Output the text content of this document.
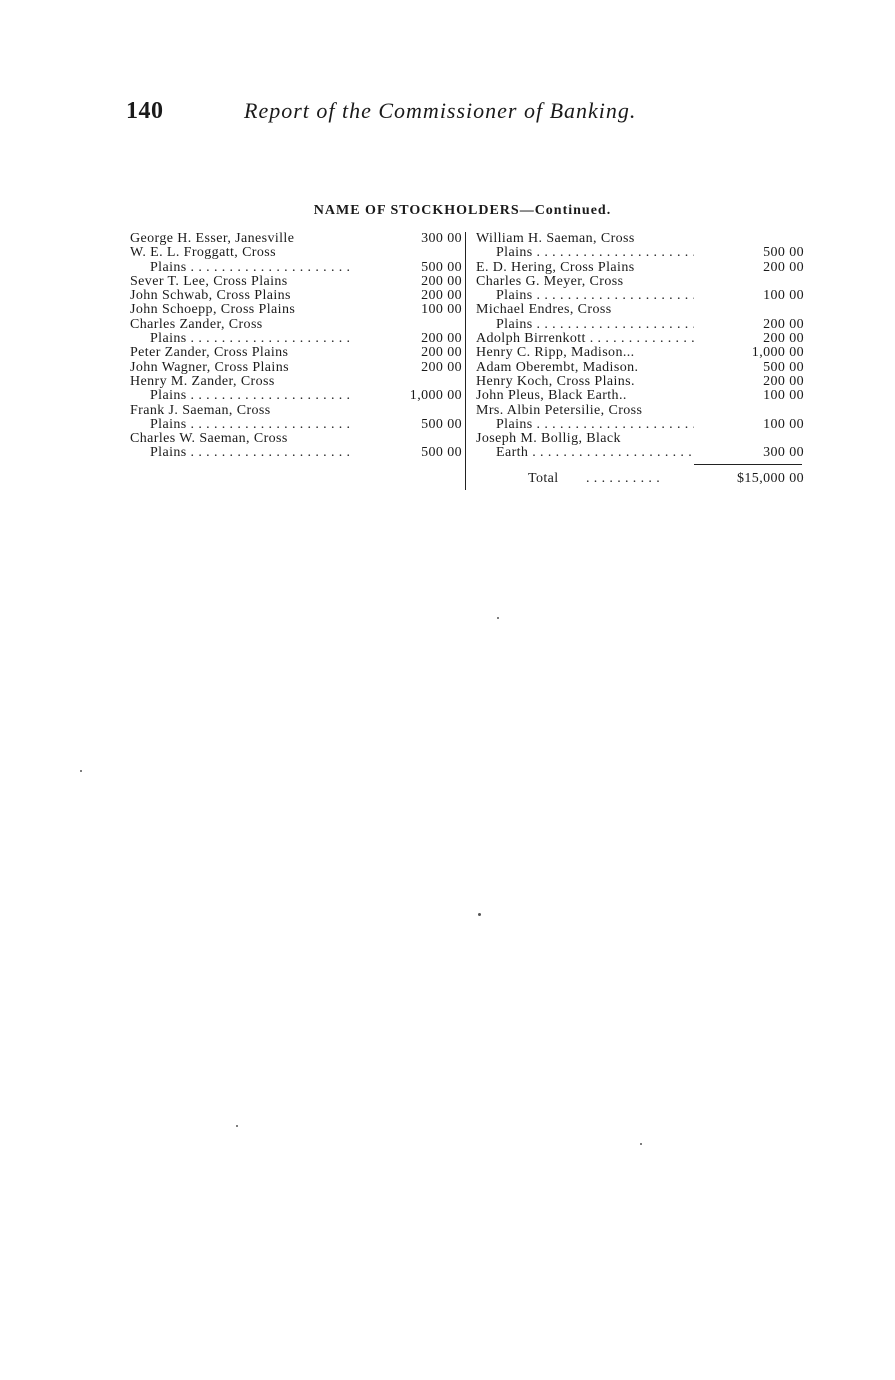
140	Report of the Commissioner of Banking.
NAME OF STOCKHOLDERS—Continued.
George H. Esser, Janesville	300 00
W. E. L. Froggatt, Cross
Plains . . .	500 00
Sever T. Lee, Cross Plains	200 00
John Schwab, Cross Plains	200 00
John Schoepp, Cross Plains	100 00
Charles Zander, Cross
Plains . . .	200 00
Peter Zander, Cross Plains	200 00
John Wagner, Cross Plains	200 00
Henry M. Zander, Cross
Plains . . .	1,000 00
Frank J. Saeman, Cross
Plains . . .	500 00
Charles W. Saeman, Cross
Plains . . .	500 00
William H. Saeman, Cross
Plains . . .	500 00
E. D. Hering, Cross Plains	200 00
Charles G. Meyer, Cross
Plains . . .	100 00
Michael Endres, Cross
Plains . . .	200 00
Adolph Birrenkott . . .	200 00
Henry C. Ripp, Madison...	1,000 00
Adam Oberembt, Madison.	500 00
Henry Koch, Cross Plains.	200 00
John Pleus, Black Earth..	100 00
Mrs. Albin Petersilie, Cross
Plains . . .	100 00
Joseph M. Bollig, Black
Earth . . .	300 00
Total . . . . . . . . . .	$15,000 00
